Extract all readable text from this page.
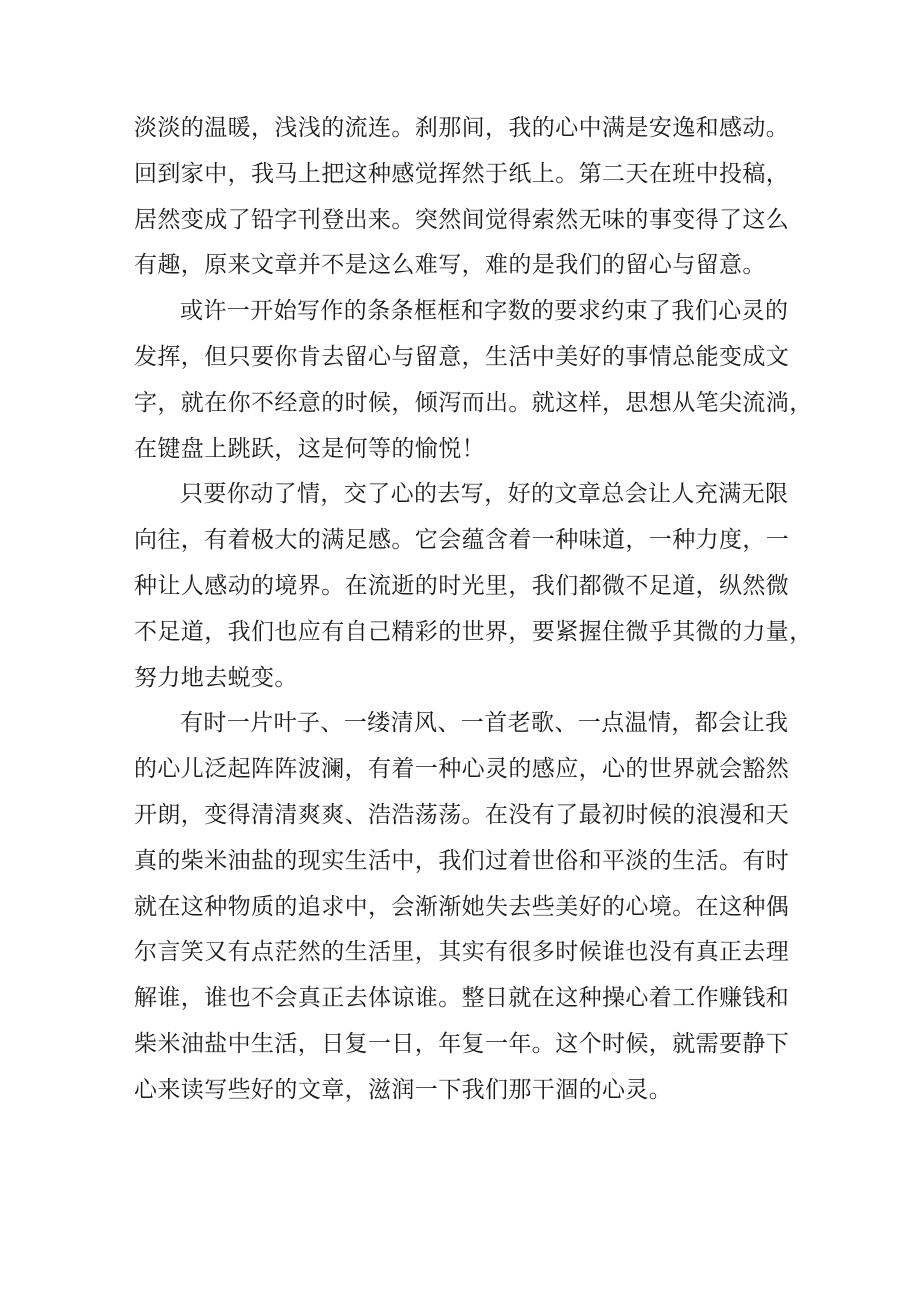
淡淡的温暖，浅浅的流连。刹那间，我的心中满是安逸和感动。
回到家中，我马上把这种感觉挥然于纸上。第二天在班中投稿，
居然变成了铅字刊登出来。突然间觉得索然无味的事变得了这么
有趣，原来文章并不是这么难写，难的是我们的留心与留意。
或许一开始写作的条条框框和字数的要求约束了我们心灵的
发挥，但只要你肯去留心与留意，生活中美好的事情总能变成文
字，就在你不经意的时候，倾泻而出。就这样，思想从笔尖流淌，
在键盘上跳跃，这是何等的愉悦！
只要你动了情，交了心的去写，好的文章总会让人充满无限
向往，有着极大的满足感。它会蕴含着一种味道，一种力度，一
种让人感动的境界。在流逝的时光里，我们都微不足道，纵然微
不足道，我们也应有自己精彩的世界，要紧握住微乎其微的力量，
努力地去蜕变。
有时一片叶子、一缕清风、一首老歌、一点温情，都会让我
的心儿泛起阵阵波澜，有着一种心灵的感应，心的世界就会豁然
开朗，变得清清爽爽、浩浩荡荡。在没有了最初时候的浪漫和天
真的柴米油盐的现实生活中，我们过着世俗和平淡的生活。有时
就在这种物质的追求中，会渐渐她失去些美好的心境。在这种偶
尔言笑又有点茫然的生活里，其实有很多时候谁也没有真正去理
解谁，谁也不会真正去体谅谁。整日就在这种操心着工作赚钱和
柴米油盐中生活，日复一日，年复一年。这个时候，就需要静下
心来读写些好的文章，滋润一下我们那干涸的心灵。
